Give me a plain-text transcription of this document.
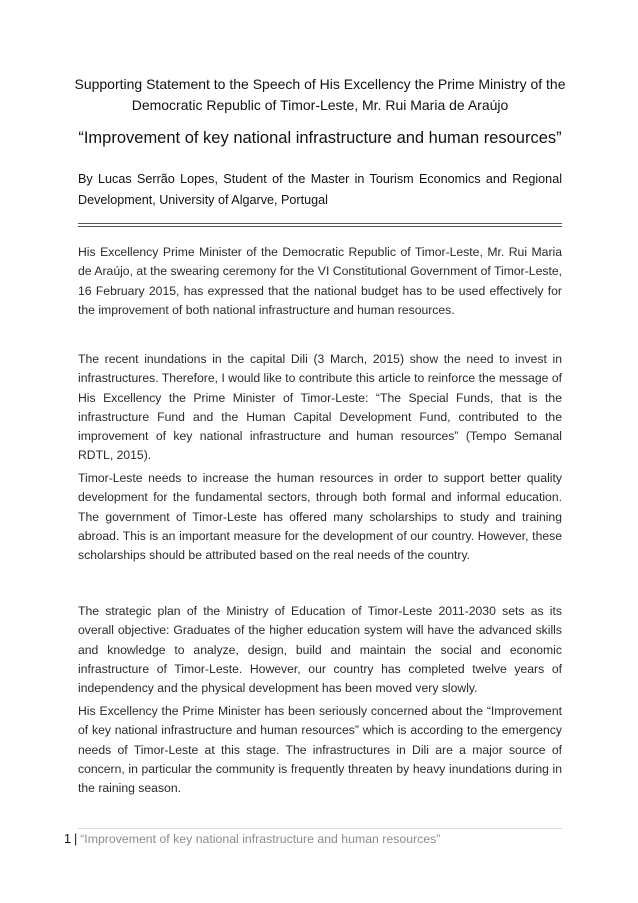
Supporting Statement to the Speech of His Excellency the Prime Ministry of the Democratic Republic of Timor-Leste, Mr. Rui Maria de Araújo
“Improvement of key national infrastructure and human resources”
By Lucas Serrão Lopes, Student of the Master in Tourism Economics and Regional Development, University of Algarve, Portugal

His Excellency Prime Minister of the Democratic Republic of Timor-Leste, Mr. Rui Maria de Araújo, at the swearing ceremony for the VI Constitutional Government of Timor-Leste, 16 February 2015, has expressed that the national budget has to be used effectively for the improvement of both national infrastructure and human resources.

The recent inundations in the capital Dili (3 March, 2015) show the need to invest in infrastructures. Therefore, I would like to contribute this article to reinforce the message of His Excellency the Prime Minister of Timor-Leste: “The Special Funds, that is the infrastructure Fund and the Human Capital Development Fund, contributed to the improvement of key national infrastructure and human resources” (Tempo Semanal RDTL, 2015).

Timor-Leste needs to increase the human resources in order to support better quality development for the fundamental sectors, through both formal and informal education. The government of Timor-Leste has offered many scholarships to study and training abroad. This is an important measure for the development of our country. However, these scholarships should be attributed based on the real needs of the country.

The strategic plan of the Ministry of Education of Timor-Leste 2011-2030 sets as its overall objective: Graduates of the higher education system will have the advanced skills and knowledge to analyze, design, build and maintain the social and economic infrastructure of Timor-Leste. However, our country has completed twelve years of independency and the physical development has been moved very slowly.

His Excellency the Prime Minister has been seriously concerned about the “Improvement of key national infrastructure and human resources” which is according to the emergency needs of Timor-Leste at this stage. The infrastructures in Dili are a major source of concern, in particular the community is frequently threaten by heavy inundations during in the raining season.

1 | “Improvement of key national infrastructure and human resources”
